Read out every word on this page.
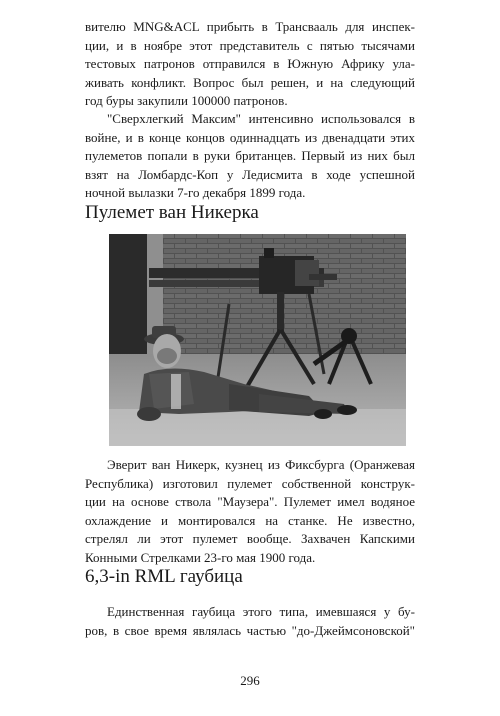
вителю MNG&ACL прибыть в Трансвааль для инспек-
ции, и в ноябре этот представитель с пятью тысячами
тестовых патронов отправился в Южную Африку ула-
живать конфликт. Вопрос был решен, и на следующий
год буры закупили 100000 патронов.

"Сверхлегкий Максим" интенсивно использовался в
войне, и в конце концов одиннадцать из двенадцати этих
пулеметов попали в руки британцев. Первый из них был
взят на Ломбардс-Коп у Ледисмита в ходе успешной
ночной вылазки 7-го декабря 1899 года.

Пулемет ван Никерка

Эверит ван Никерк, кузнец из Фиксбурга (Оранжевая
Республика) изготовил пулемет собственной конструк-
ции на основе ствола "Маузера". Пулемет имел водяное
охлаждение и монтировался на станке. Не известно,
стрелял ли этот пулемет вообще. Захвачен Капскими
Конными Стрелками 23-го мая 1900 года.

6,3-in RML гаубица

Единственная гаубица этого типа, имевшаяся у бу-
ров, в свое время являлась частью "до-Джеймсоновской"

296
